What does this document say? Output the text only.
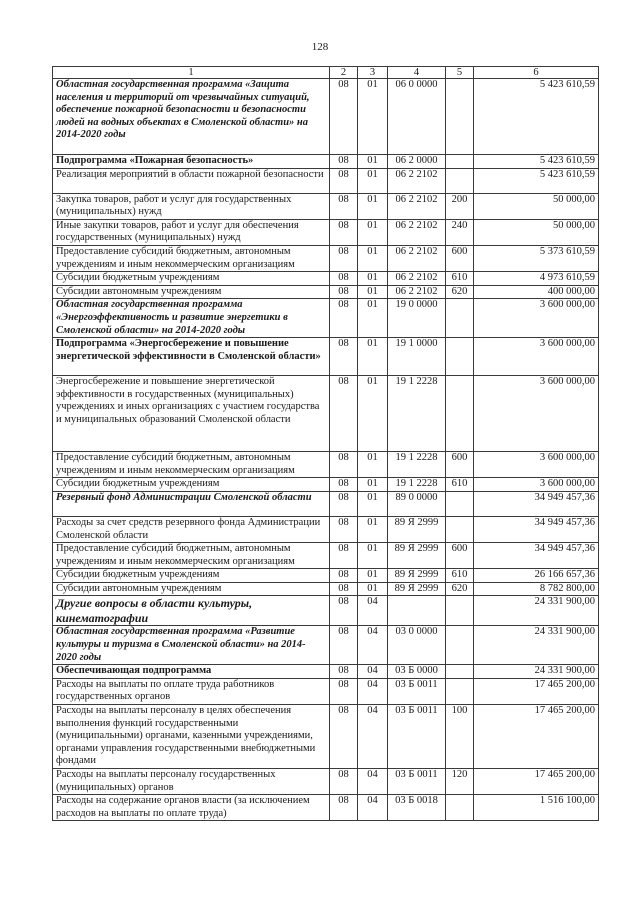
128
1	2	3	4	5	6
Областная государственная программа «Защита населения и территорий от чрезвычайных ситуаций, обеспечение пожарной безопасности и безопасности людей на водных объектах в Смоленской области» на 2014-2020 годы	08	01	06 0 0000		5 423 610,59
Подпрограмма «Пожарная безопасность»	08	01	06 2 0000		5 423 610,59
Реализация мероприятий в области пожарной безопасности	08	01	06 2 2102		5 423 610,59
Закупка товаров, работ и услуг для государственных (муниципальных) нужд	08	01	06 2 2102	200	50 000,00
Иные закупки товаров, работ и услуг для обеспечения государственных (муниципальных) нужд	08	01	06 2 2102	240	50 000,00
Предоставление субсидий бюджетным, автономным учреждениям и иным некоммерческим организациям	08	01	06 2 2102	600	5 373 610,59
Субсидии бюджетным учреждениям	08	01	06 2 2102	610	4 973 610,59
Субсидии автономным учреждениям	08	01	06 2 2102	620	400 000,00
Областная государственная программа «Энергоэффективность и развитие энергетики в Смоленской области» на 2014-2020 годы	08	01	19 0 0000		3 600 000,00
Подпрограмма «Энергосбережение и повышение энергетической эффективности в Смоленской области»	08	01	19 1 0000		3 600 000,00
Энергосбережение и повышение энергетической эффективности в государственных (муниципальных) учреждениях и иных организациях с участием государства и муниципальных образований Смоленской области	08	01	19 1 2228		3 600 000,00
Предоставление субсидий бюджетным, автономным учреждениям и иным некоммерческим организациям	08	01	19 1 2228	600	3 600 000,00
Субсидии бюджетным учреждениям	08	01	19 1 2228	610	3 600 000,00
Резервный фонд Администрации Смоленской области	08	01	89 0 0000		34 949 457,36
Расходы за счет средств резервного фонда Администрации Смоленской области	08	01	89 Я 2999		34 949 457,36
Предоставление субсидий бюджетным, автономным учреждениям и иным некоммерческим организациям	08	01	89 Я 2999	600	34 949 457,36
Субсидии бюджетным учреждениям	08	01	89 Я 2999	610	26 166 657,36
Субсидии автономным учреждениям	08	01	89 Я 2999	620	8 782 800,00
Другие вопросы в области культуры, кинематографии	08	04			24 331 900,00
Областная государственная программа «Развитие культуры и туризма в Смоленской области» на 2014-2020 годы	08	04	03 0 0000		24 331 900,00
Обеспечивающая подпрограмма	08	04	03 Б 0000		24 331 900,00
Расходы на выплаты по оплате труда работников государственных органов	08	04	03 Б 0011		17 465 200,00
Расходы на выплаты персоналу в целях обеспечения выполнения функций государственными (муниципальными) органами, казенными учреждениями, органами управления государственными внебюджетными фондами	08	04	03 Б 0011	100	17 465 200,00
Расходы на выплаты персоналу государственных (муниципальных) органов	08	04	03 Б 0011	120	17 465 200,00
Расходы на содержание органов власти (за исключением расходов на выплаты по оплате труда)	08	04	03 Б 0018		1 516 100,00
